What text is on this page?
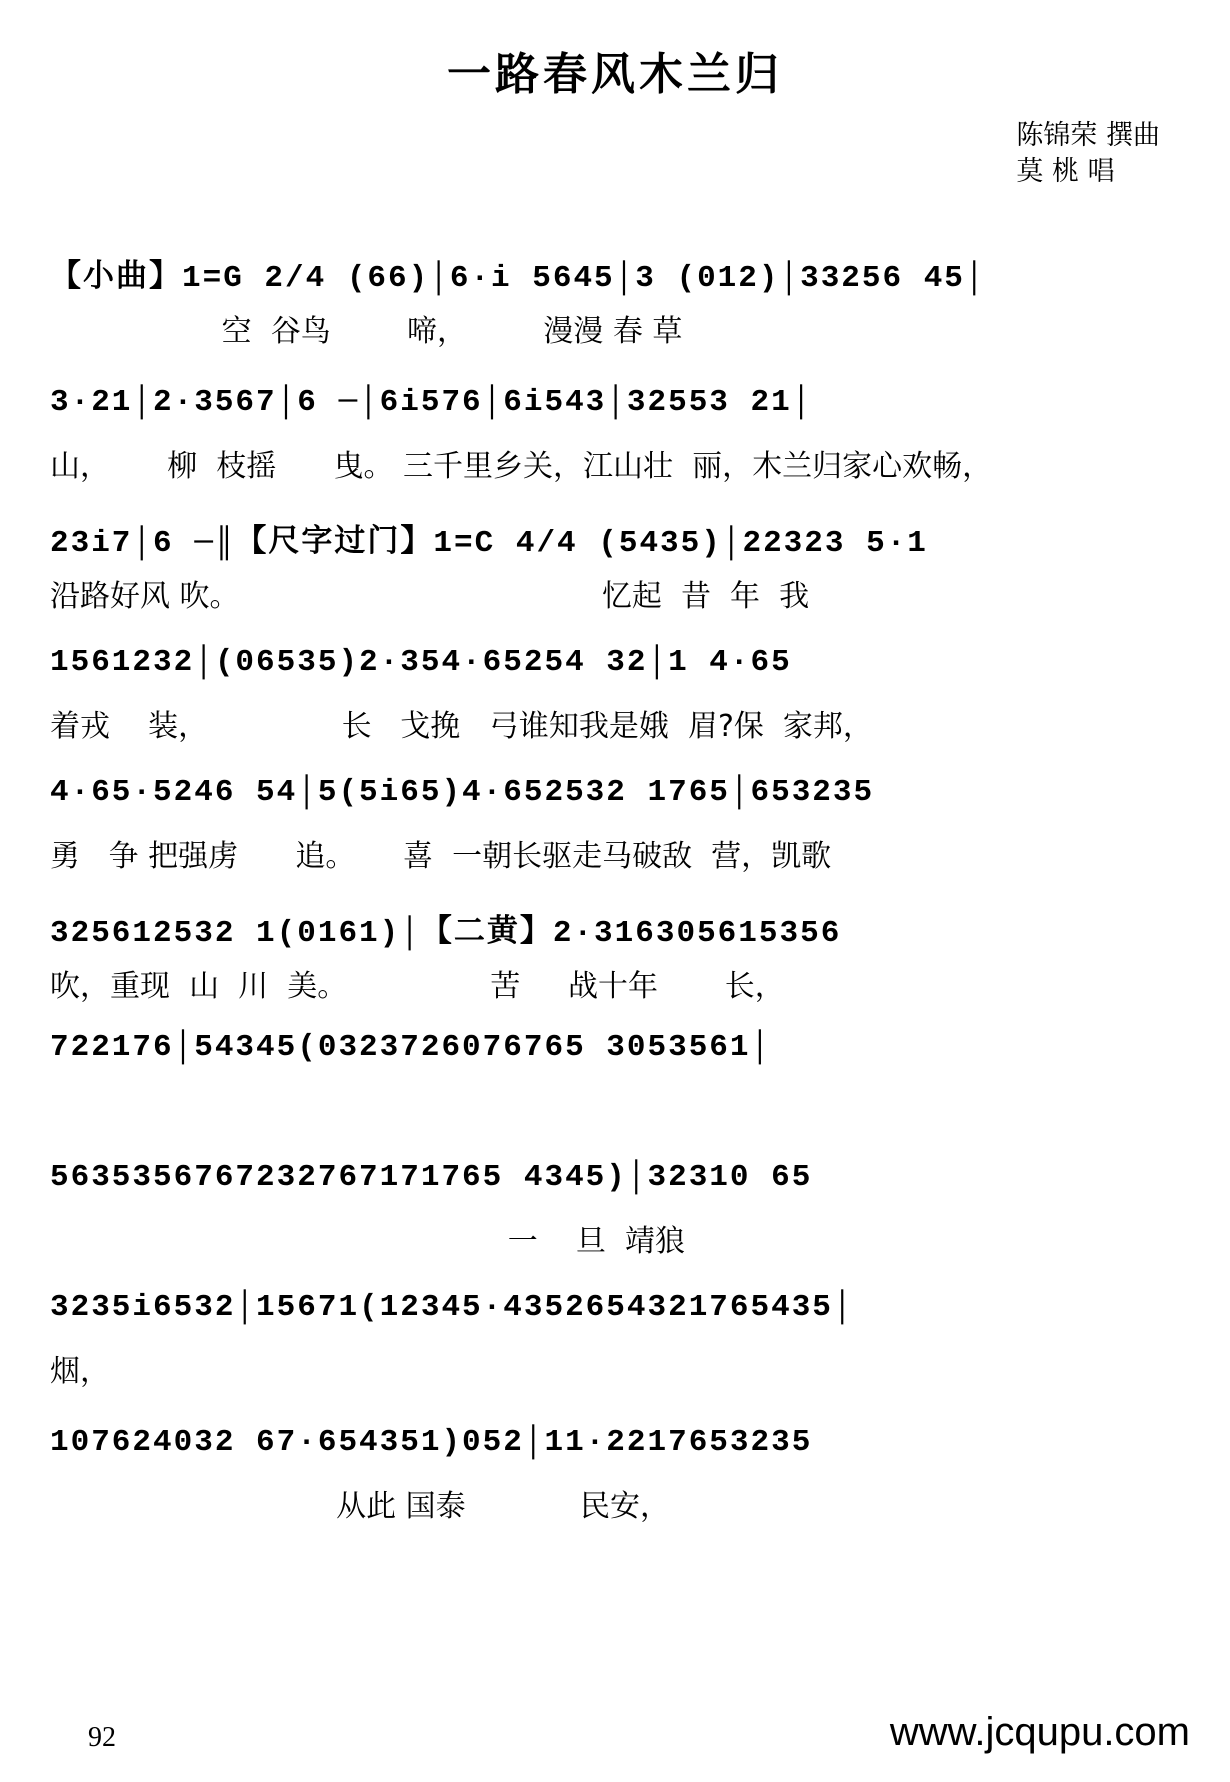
一路春风木兰归
陈锦荣 撰曲
莫 桃 唱
【小曲】1=G 2/4 (66)│6·i 5645│3 (012)│33256 45│
空  谷鸟        啼，        漫漫 春 草
3·21│2·3567│6 ─│6i576│6i543│32553 21│
山，      柳  枝摇      曳。 三千里乡关，江山壮  丽，木兰归家心欢畅，
23i7│6 ─║【尺字过门】1=C 4/4 (5435)│22323 5·1
沿路好风 吹。                                      忆起  昔  年  我
1561232│(06535)2·354·65254 32│1 4·65
着戎    装，              长   戈挽   弓谁知我是娥  眉?保  家邦，
4·65·5246 54│5(5i65)4·652532 1765│653235
勇   争 把强虏      追。     喜  一朝长驱走马破敌  营，凯歌
325612532 1(0161)│【二黄】2·316305615356
吹，重现  山  川  美。               苦     战十年       长，
722176│54345(0323726076765 3053561│
5635356767232767171765 4345)│32310 65
一    旦  靖狼
3235i6532│15671(12345·4352654321765435│
烟，
107624032 67·654351)052│11·2217653235
从此 国泰            民安，
92	www.jcqupu.com
